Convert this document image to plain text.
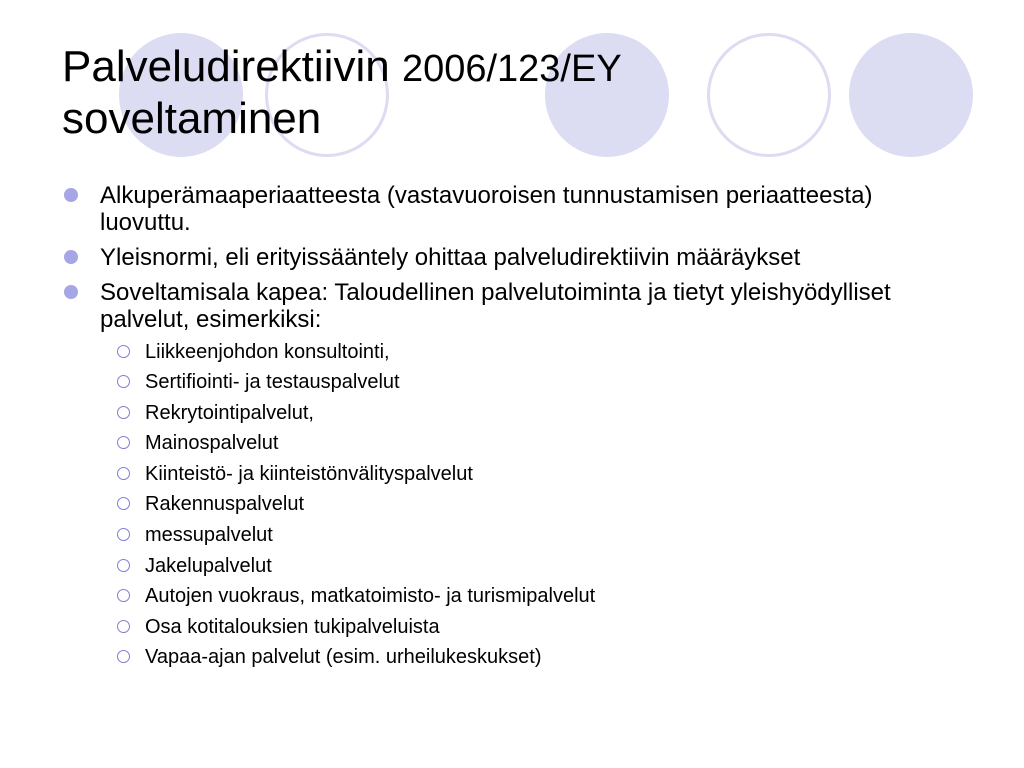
Palveludirektiivin 2006/123/EY
soveltaminen
Alkuperämaaperiaatteesta (vastavuoroisen tunnustamisen periaatteesta) luovuttu.
Yleisnormi, eli erityissääntely ohittaa palveludirektiivin määräykset
Soveltamisala kapea: Taloudellinen palvelutoiminta ja tietyt yleishyödylliset palvelut, esimerkiksi:
Liikkeenjohdon konsultointi,
Sertifiointi- ja testauspalvelut
Rekrytointipalvelut,
Mainospalvelut
Kiinteistö- ja kiinteistönvälityspalvelut
Rakennuspalvelut
messupalvelut
Jakelupalvelut
Autojen vuokraus, matkatoimisto- ja turismipalvelut
Osa kotitalouksien tukipalveluista
Vapaa-ajan palvelut (esim. urheilukeskukset)
